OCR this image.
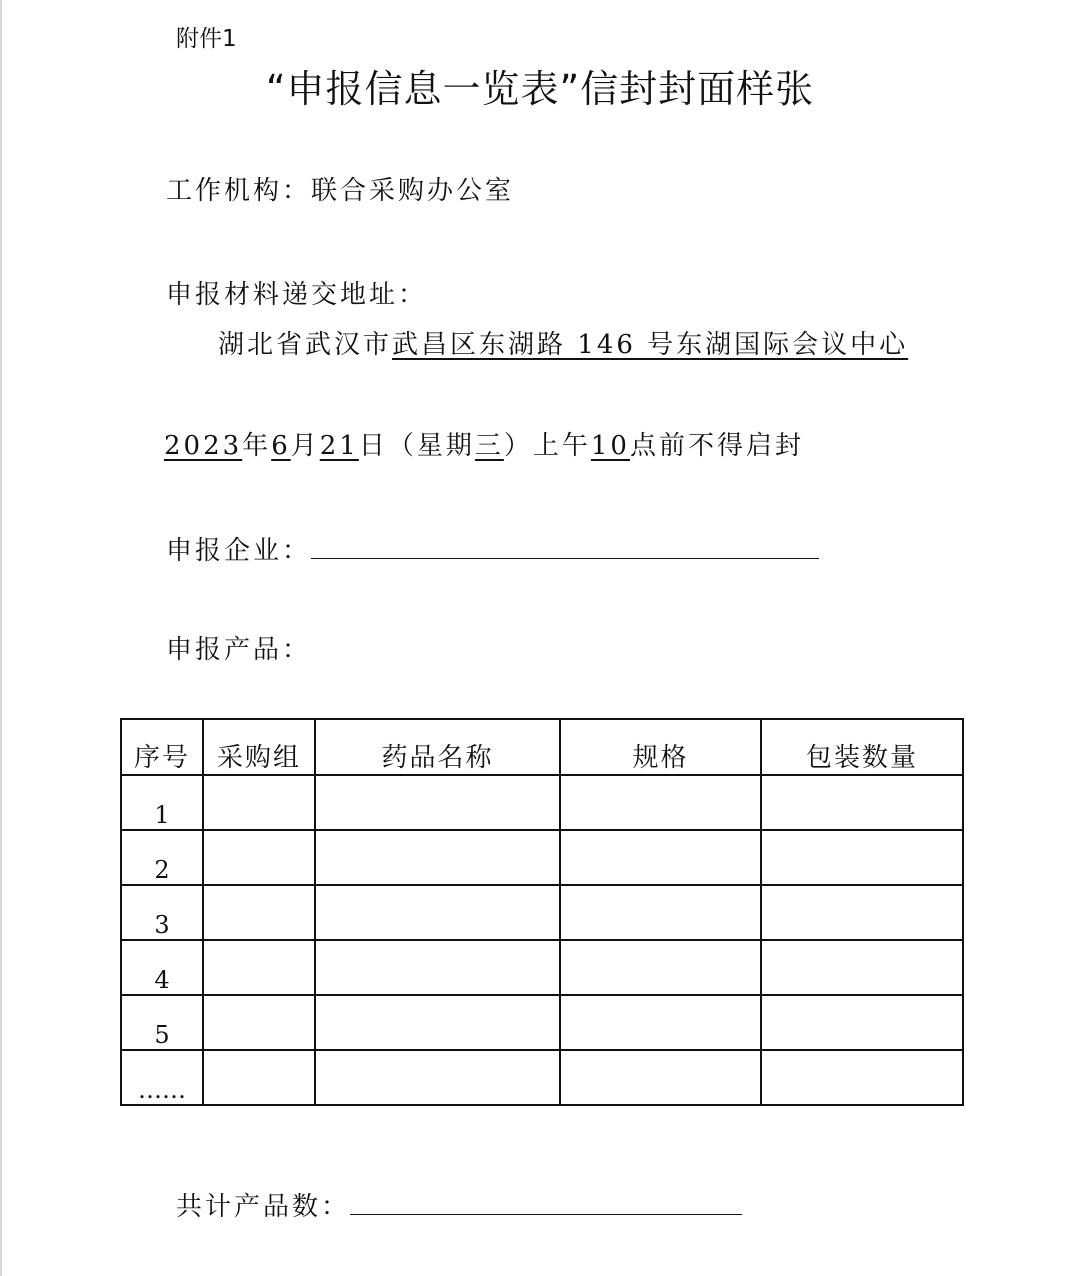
附件1
“申报信息一览表”信封封面样张
工作机构：联合采购办公室
申报材料递交地址：
湖北省武汉市武昌区东湖路 146 号东湖国际会议中心
2023年6月21日（星期三）上午10点前不得启封
申报企业：
申报产品：
序号	采购组	药品名称	规格	包装数量
1				
2				
3				
4				
5				
……				
共计产品数：
